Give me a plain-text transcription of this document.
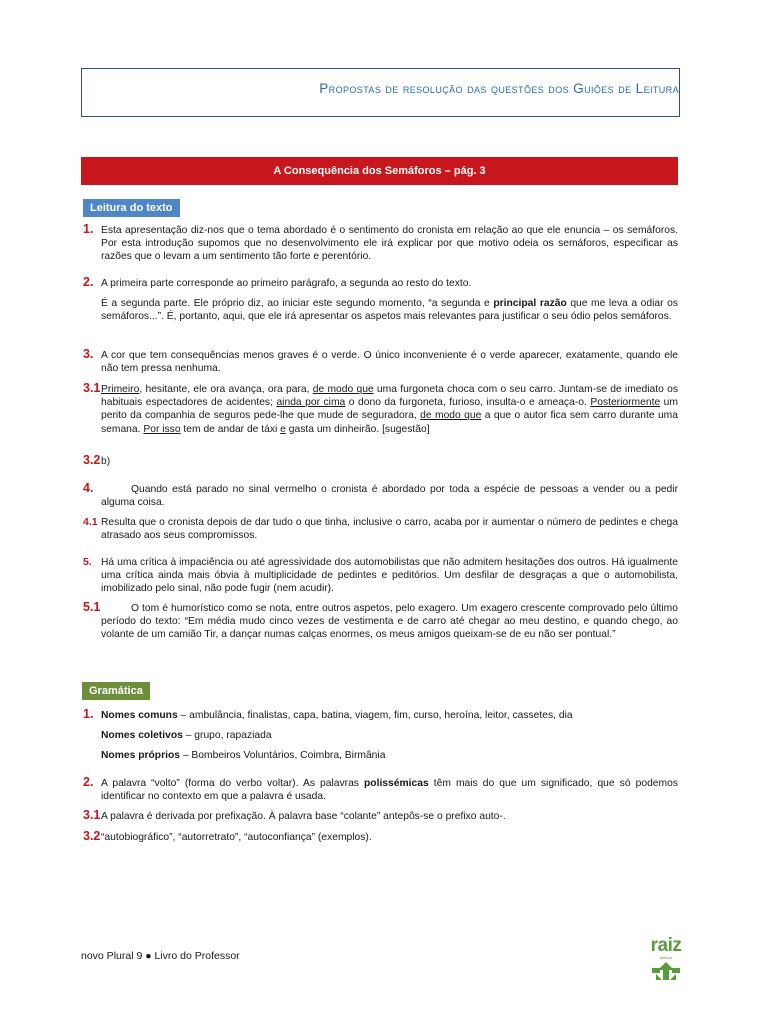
Propostas de resolução das questões dos Guiões de Leitura
A Consequência dos Semáforos – pág. 3
Leitura do texto
1. Esta apresentação diz-nos que o tema abordado é o sentimento do cronista em relação ao que ele enuncia – os semáforos. Por esta introdução supomos que no desenvolvimento ele irá explicar por que motivo odeia os semáforos, especificar as razões que o levam a um sentimento tão forte e perentório.
2. A primeira parte corresponde ao primeiro parágrafo, a segunda ao resto do texto.
É a segunda parte. Ele próprio diz, ao iniciar este segundo momento, “a segunda e principal razão que me leva a odiar os semáforos...”. É, portanto, aqui, que ele irá apresentar os aspetos mais relevantes para justificar o seu ódio pelos semáforos.
3. A cor que tem consequências menos graves é o verde. O único inconveniente é o verde aparecer, exatamente, quando ele não tem pressa nenhuma.
3.1 Primeiro, hesitante, ele ora avança, ora para, de modo que uma furgoneta choca com o seu carro. Juntam-se de imediato os habituais espectadores de acidentes; ainda por cima o dono da furgoneta, furioso, insulta-o e ameaça-o. Posteriormente um perito da companhia de seguros pede-lhe que mude de seguradora, de modo que a que o autor fica sem carro durante uma semana. Por isso tem de andar de táxi e gasta um dinheirão. [sugestão]
3.2 b)
4.	Quando está parado no sinal vermelho o cronista é abordado por toda a espécie de pessoas a vender ou a pedir alguma coisa.
4.1 Resulta que o cronista depois de dar tudo o que tinha, inclusive o carro, acaba por ir aumentar o número de pedintes e chega atrasado aos seus compromissos.
5. Há uma crítica à impaciência ou até agressividade dos automobilistas que não admitem hesitações dos outros. Há igualmente uma crítica ainda mais óbvia à multiplicidade de pedintes e peditórios. Um desfilar de desgraças a que o automobilista, imobilizado pelo sinal, não pode fugir (nem acudir).
5.1	O tom é humorístico como se nota, entre outros aspetos, pelo exagero. Um exagero crescente comprovado pelo último período do texto: “Em média mudo cinco vezes de vestimenta e de carro até chegar ao meu destino, e quando chego, ao volante de um camião Tir, a dançar numas calças enormes, os meus amigos queixam-se de eu não ser pontual.”
Gramática
1. Nomes comuns – ambulância, finalistas, capa, batina, viagem, fim, curso, heroína, leitor, cassetes, dia
Nomes coletivos – grupo, rapaziada
Nomes próprios – Bombeiros Voluntários, Coimbra, Birmânia
2. A palavra “volto” (forma do verbo voltar). As palavras polissémicas têm mais do que um significado, que só podemos identificar no contexto em que a palavra é usada.
3.1 A palavra é derivada por prefixação. À palavra base “colante” antepôs-se o prefixo auto-.
3.2 “autobiográfico”, “autorretrato”, “autoconfiança” (exemplos).
novo Plural 9 ● Livro do Professor	raiz
editora
